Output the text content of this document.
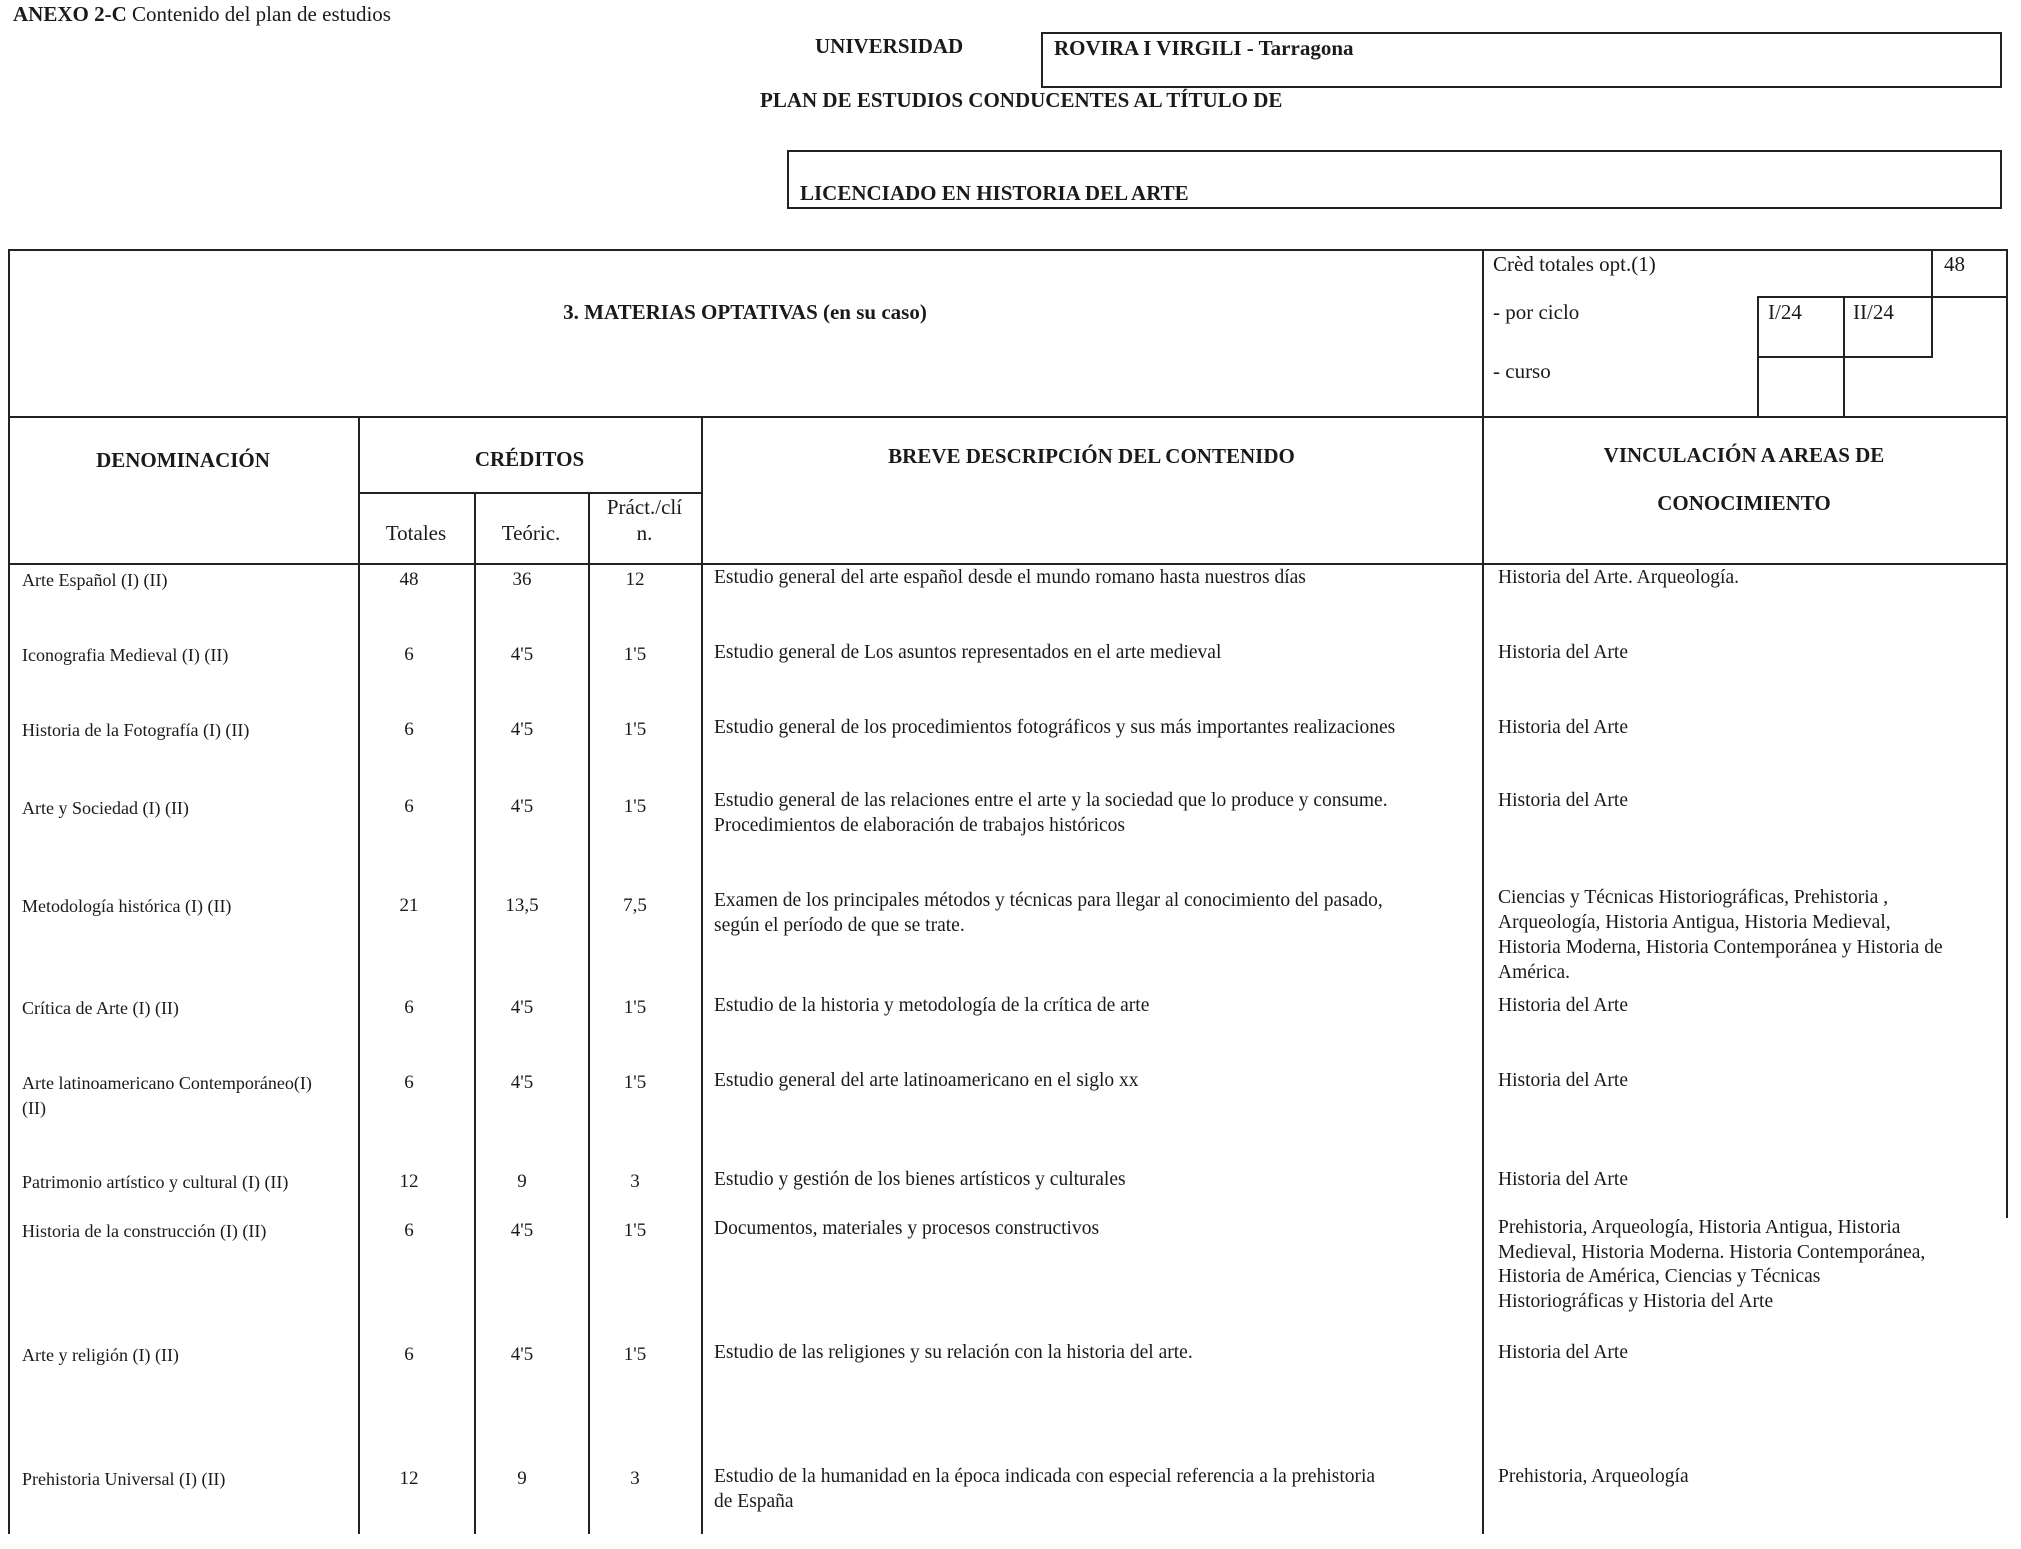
ANEXO 2-C Contenido del plan de estudios
UNIVERSIDAD	ROVIRA I VIRGILI - Tarragona
PLAN DE ESTUDIOS CONDUCENTES AL TÍTULO DE
LICENCIADO EN HISTORIA DEL ARTE
3. MATERIAS OPTATIVAS (en su caso)
Crèd totales opt.(1)	48
- por ciclo	I/24 II/24
- curso
DENOMINACIÓN	CRÉDITOS
Totales	Teóric.
Práct./clí
n.
BREVE DESCRIPCIÓN DEL CONTENIDO	VINCULACIÓN A AREAS DE
CONOCIMIENTO
Arte Español (I) (II)	48	36	12	Estudio general del arte español desde el mundo romano hasta nuestros días	Historia del Arte. Arqueología.
Iconografia Medieval (I) (II)	6	4'5	1'5	Estudio general de Los asuntos representados en el arte medieval	Historia del Arte
Historia de la Fotografía (I) (II)	6	4'5	1'5	Estudio general de los procedimientos fotográficos y sus más importantes realizaciones	Historia del Arte
Arte y Sociedad (I) (II)	6	4'5	1'5	Estudio general de las relaciones entre el arte y la sociedad que lo produce y consume.
Procedimientos de elaboración de trabajos históricos
Historia del Arte
Metodología histórica (I) (II)	21	13,5	7,5	Examen de los principales métodos y técnicas para llegar al conocimiento del pasado,
según el período de que se trate.
Ciencias y Técnicas Historiográficas, Prehistoria ,
Arqueología, Historia Antigua, Historia Medieval,
Historia Moderna, Historia Contemporánea y Historia de
América.
Crítica de Arte (I) (II)	6	4'5	1'5	Estudio de la historia y metodología de la crítica de arte	Historia del Arte
Arte latinoamericano Contemporáneo(I)
(II)
6	4'5	1'5	Estudio general del arte latinoamericano en el siglo xx	Historia del Arte
Patrimonio artístico y cultural (I) (II)	12	9	3	Estudio y gestión de los bienes artísticos y culturales	Historia del Arte
Historia de la construcción (I) (II)	6	4'5	1'5	Documentos, materiales y procesos constructivos	Prehistoria, Arqueología, Historia Antigua, Historia
Medieval, Historia Moderna. Historia Contemporánea,
Historia de América, Ciencias y Técnicas
Historiográficas y Historia del Arte
Arte y religión (I) (II)	6	4'5	1'5	Estudio de las religiones y su relación con la historia del arte.	Historia del Arte
Prehistoria Universal (I) (II)	12	9	3	Estudio de la humanidad en la época indicada con especial referencia a la prehistoria
de España
Prehistoria, Arqueología
